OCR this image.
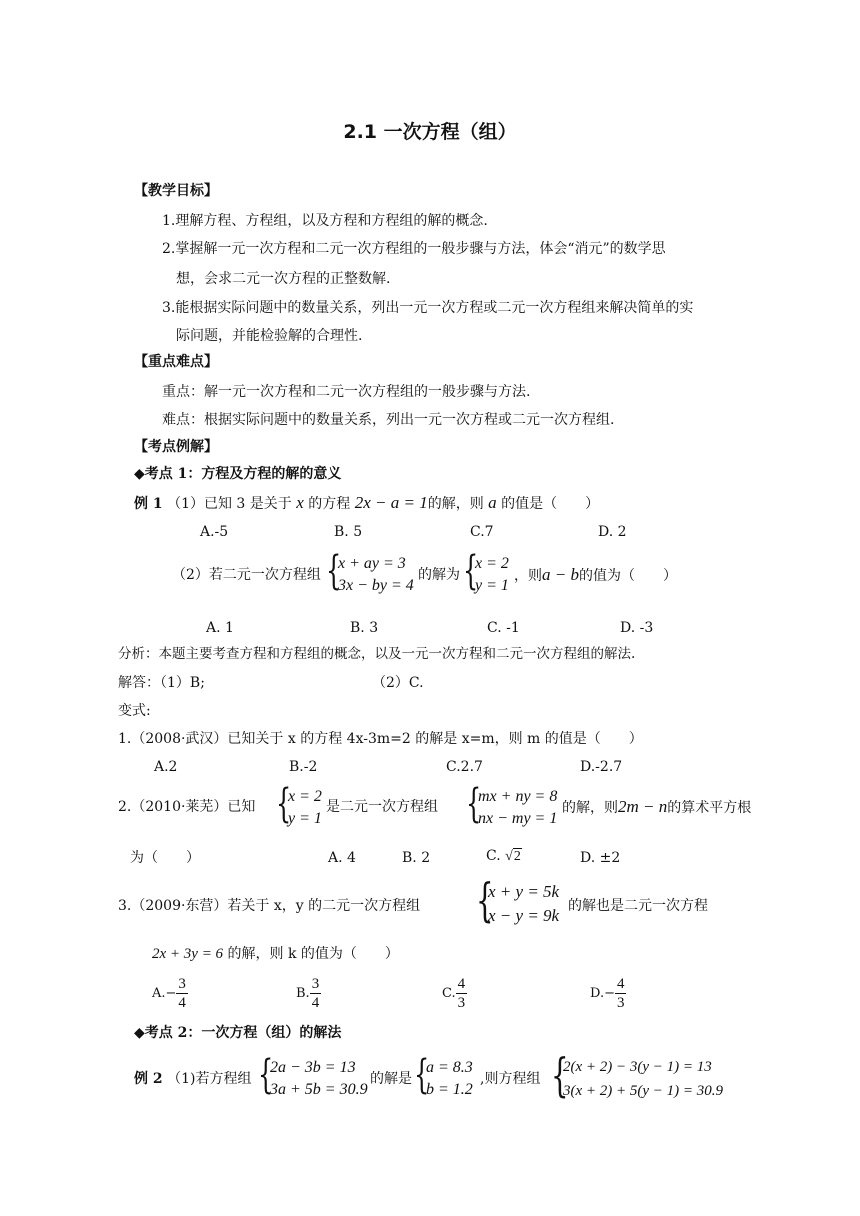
2.1 一次方程（组）
【教学目标】
1.理解方程、方程组，以及方程和方程组的解的概念.
2.掌握解一元一次方程和二元一次方程组的一般步骤与方法，体会“消元”的数学思
想，会求二元一次方程的正整数解.
3.能根据实际问题中的数量关系，列出一元一次方程或二元一次方程组来解决简单的实
际问题，并能检验解的合理性.
【重点难点】
重点：解一元一次方程和二元一次方程组的一般步骤与方法.
难点：根据实际问题中的数量关系，列出一元一次方程或二元一次方程组.
【考点例解】
◆考点 1：方程及方程的解的意义
例 1 （1）已知 3 是关于 x 的方程 2x − a = 1的解，则 a 的值是（　　）
A.-5	B. 5	C.7	D. 2
（2）若二元一次方程组 {
x + ay = 3
3x − by = 4
的解为 {
x = 2
y = 1
，则a − b的值为（　　）
A. 1	B. 3	C. -1	D. -3
分析：本题主要考查方程和方程组的概念，以及一元一次方程和二元一次方程组的解法.
解答：（1）B;	（2）C.
变式:
1.（2008·武汉）已知关于 x 的方程 4x-3m=2 的解是 x=m，则 m 的值是（　　）
A.2	B.-2	C.2.7	D.-2.7
2.（2010·莱芜）已知 {
x = 2
y = 1
是二元一次方程组 {
mx + ny = 8
nx − my = 1
的解，则2m − n的算术平方根
为（　　）	A. 4	B. 2	C. √2	D. ±2
3.（2009·东营）若关于 x，y 的二元一次方程组 {
x + y = 5k
x − y = 9k 的解也是二元一次方程
2x + 3y = 6 的解，则 k 的值为（　　）
$A.- \frac{3}{4}$	B. $\frac{3}{4}$	C. $\frac{4}{3}$	$D.- \frac{4}{3}$
◆考点 2：一次方程（组）的解法
例 2 （1)若方程组 {
2a − 3b = 13
3a + 5b = 30.9
的解是 {
a = 8.3
b = 1.2
,则方程组 {
2(x + 2) − 3(y − 1) = 13
3(x + 2) + 5(y − 1) = 30.9
